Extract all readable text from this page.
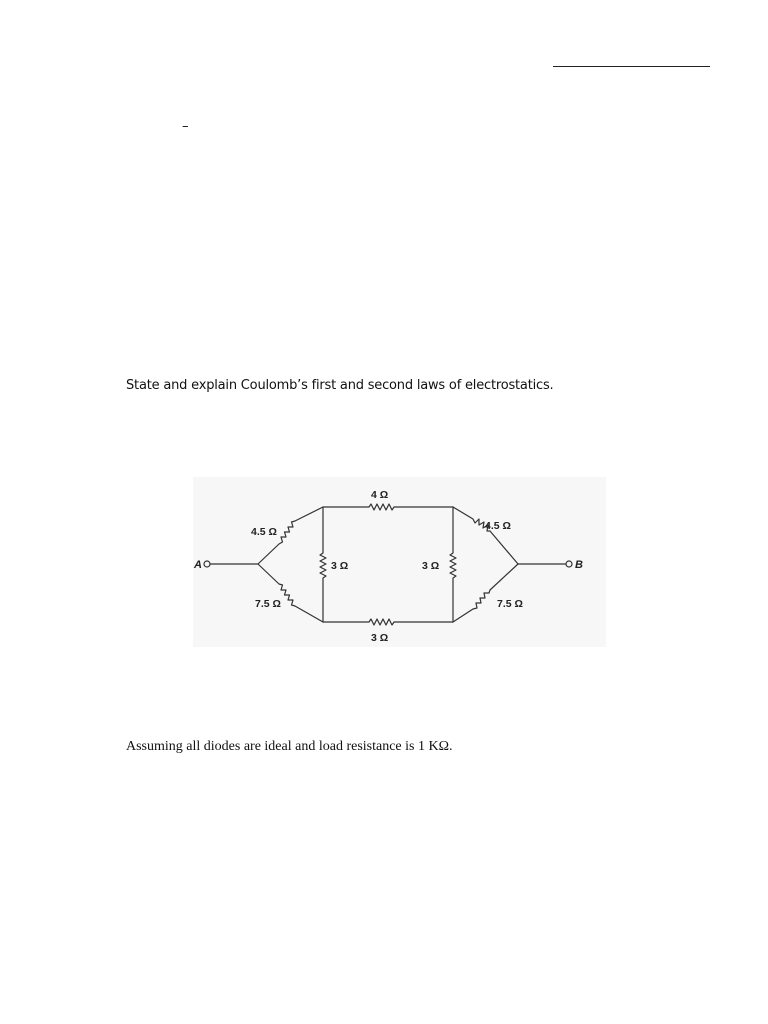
–
State and explain Coulomb’s first and second laws of electrostatics.
A	B
4 Ω
3 Ω
3 Ω	3 Ω
4.5 Ω
7.5 Ω
4.5 Ω
7.5 Ω
Assuming all diodes are ideal and load resistance is 1 KΩ.
